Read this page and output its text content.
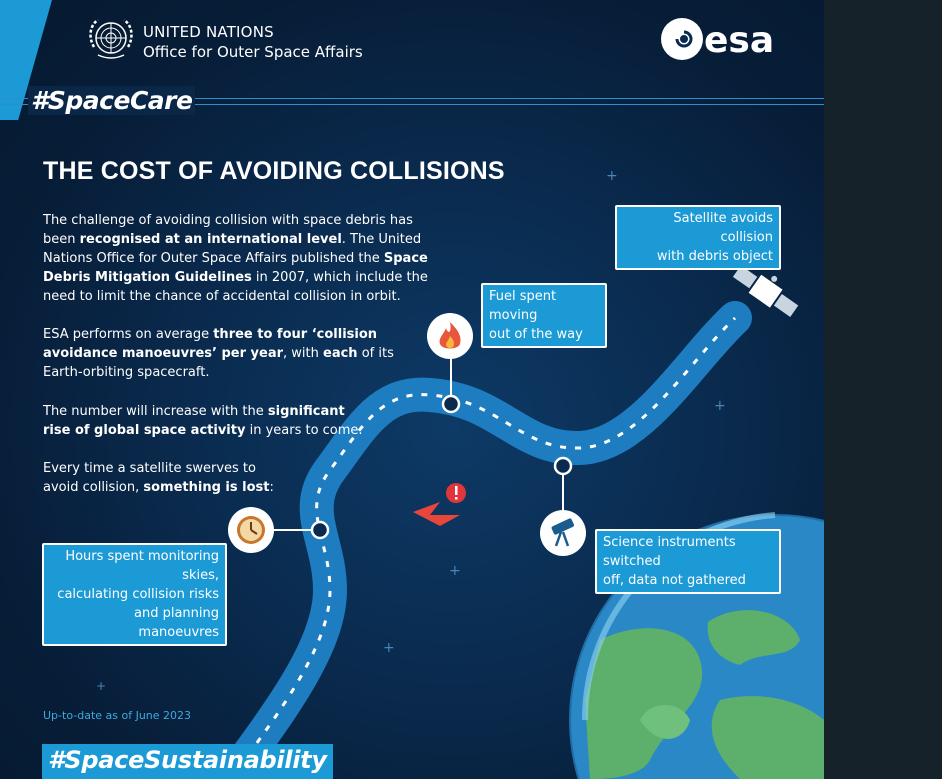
UNITED NATIONS
Office for Outer Space Affairs	esa
#SpaceCare
THE COST OF AVOIDING COLLISIONS	+
+
+
+
+
The challenge of avoiding collision with space debris has been recognised at an international level. The United Nations Office for Outer Space Affairs published the Space Debris Mitigation Guidelines in 2007, which include the need to limit the chance of accidental collision in orbit.
ESA performs on average three to four ‘collision avoidance manoeuvres’ per year, with each of its Earth-orbiting spacecraft.
The number will increase with the significant rise of global space activity in years to come.
Every time a satellite swerves to avoid collision, something is lost:
Satellite avoids collision
with debris object
Fuel spent moving
out of the way
Science instruments switched
off, data not gathered
Hours spent monitoring skies,
calculating collision risks
and planning manoeuvres
Up-to-date as of June 2023
#SpaceSustainability
